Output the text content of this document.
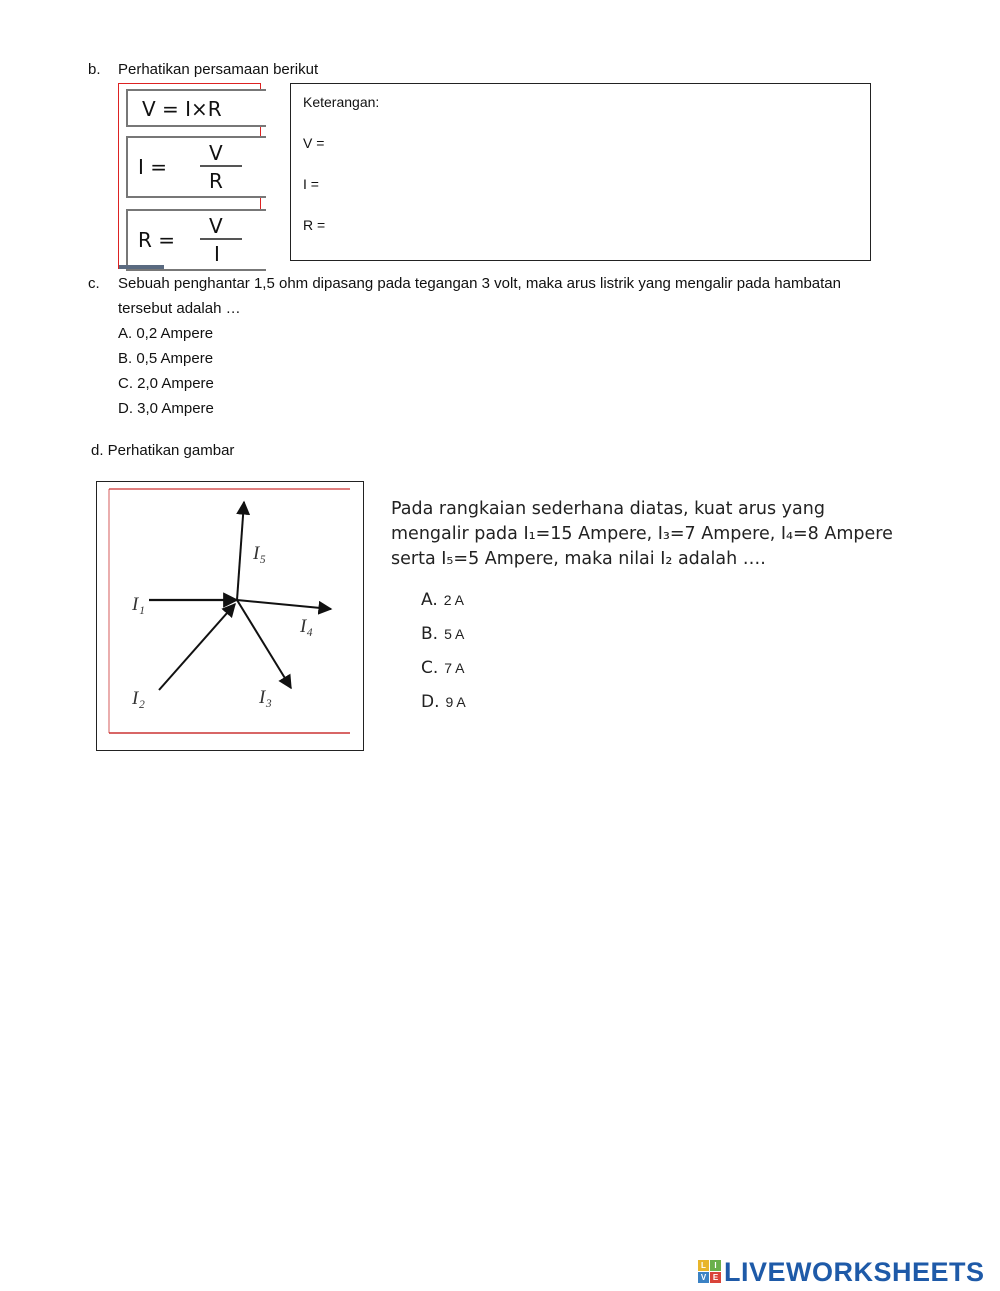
b. Perhatikan persamaan berikut
V = I×R
I =
V
R
R =
V
I
Keterangan:
V =
I =
R =
c. Sebuah penghantar 1,5 ohm dipasang pada tegangan 3 volt, maka arus listrik yang mengalir pada hambatan
tersebut adalah …
A. 0,2 Ampere
B. 0,5 Ampere
C. 2,0 Ampere
D. 3,0 Ampere
d. Perhatikan gambar
I₁
I₂	I₃
I₄
I₅
Pada rangkaian sederhana diatas, kuat arus yang
mengalir pada I₁=15 Ampere, I₃=7 Ampere, I₄=8 Ampere
serta I₅=5 Ampere, maka nilai I₂ adalah ….
A. 2 A
B. 5 A
C. 7 A
D. 9 A
L	I
V E LIVEWORKSHEETS
